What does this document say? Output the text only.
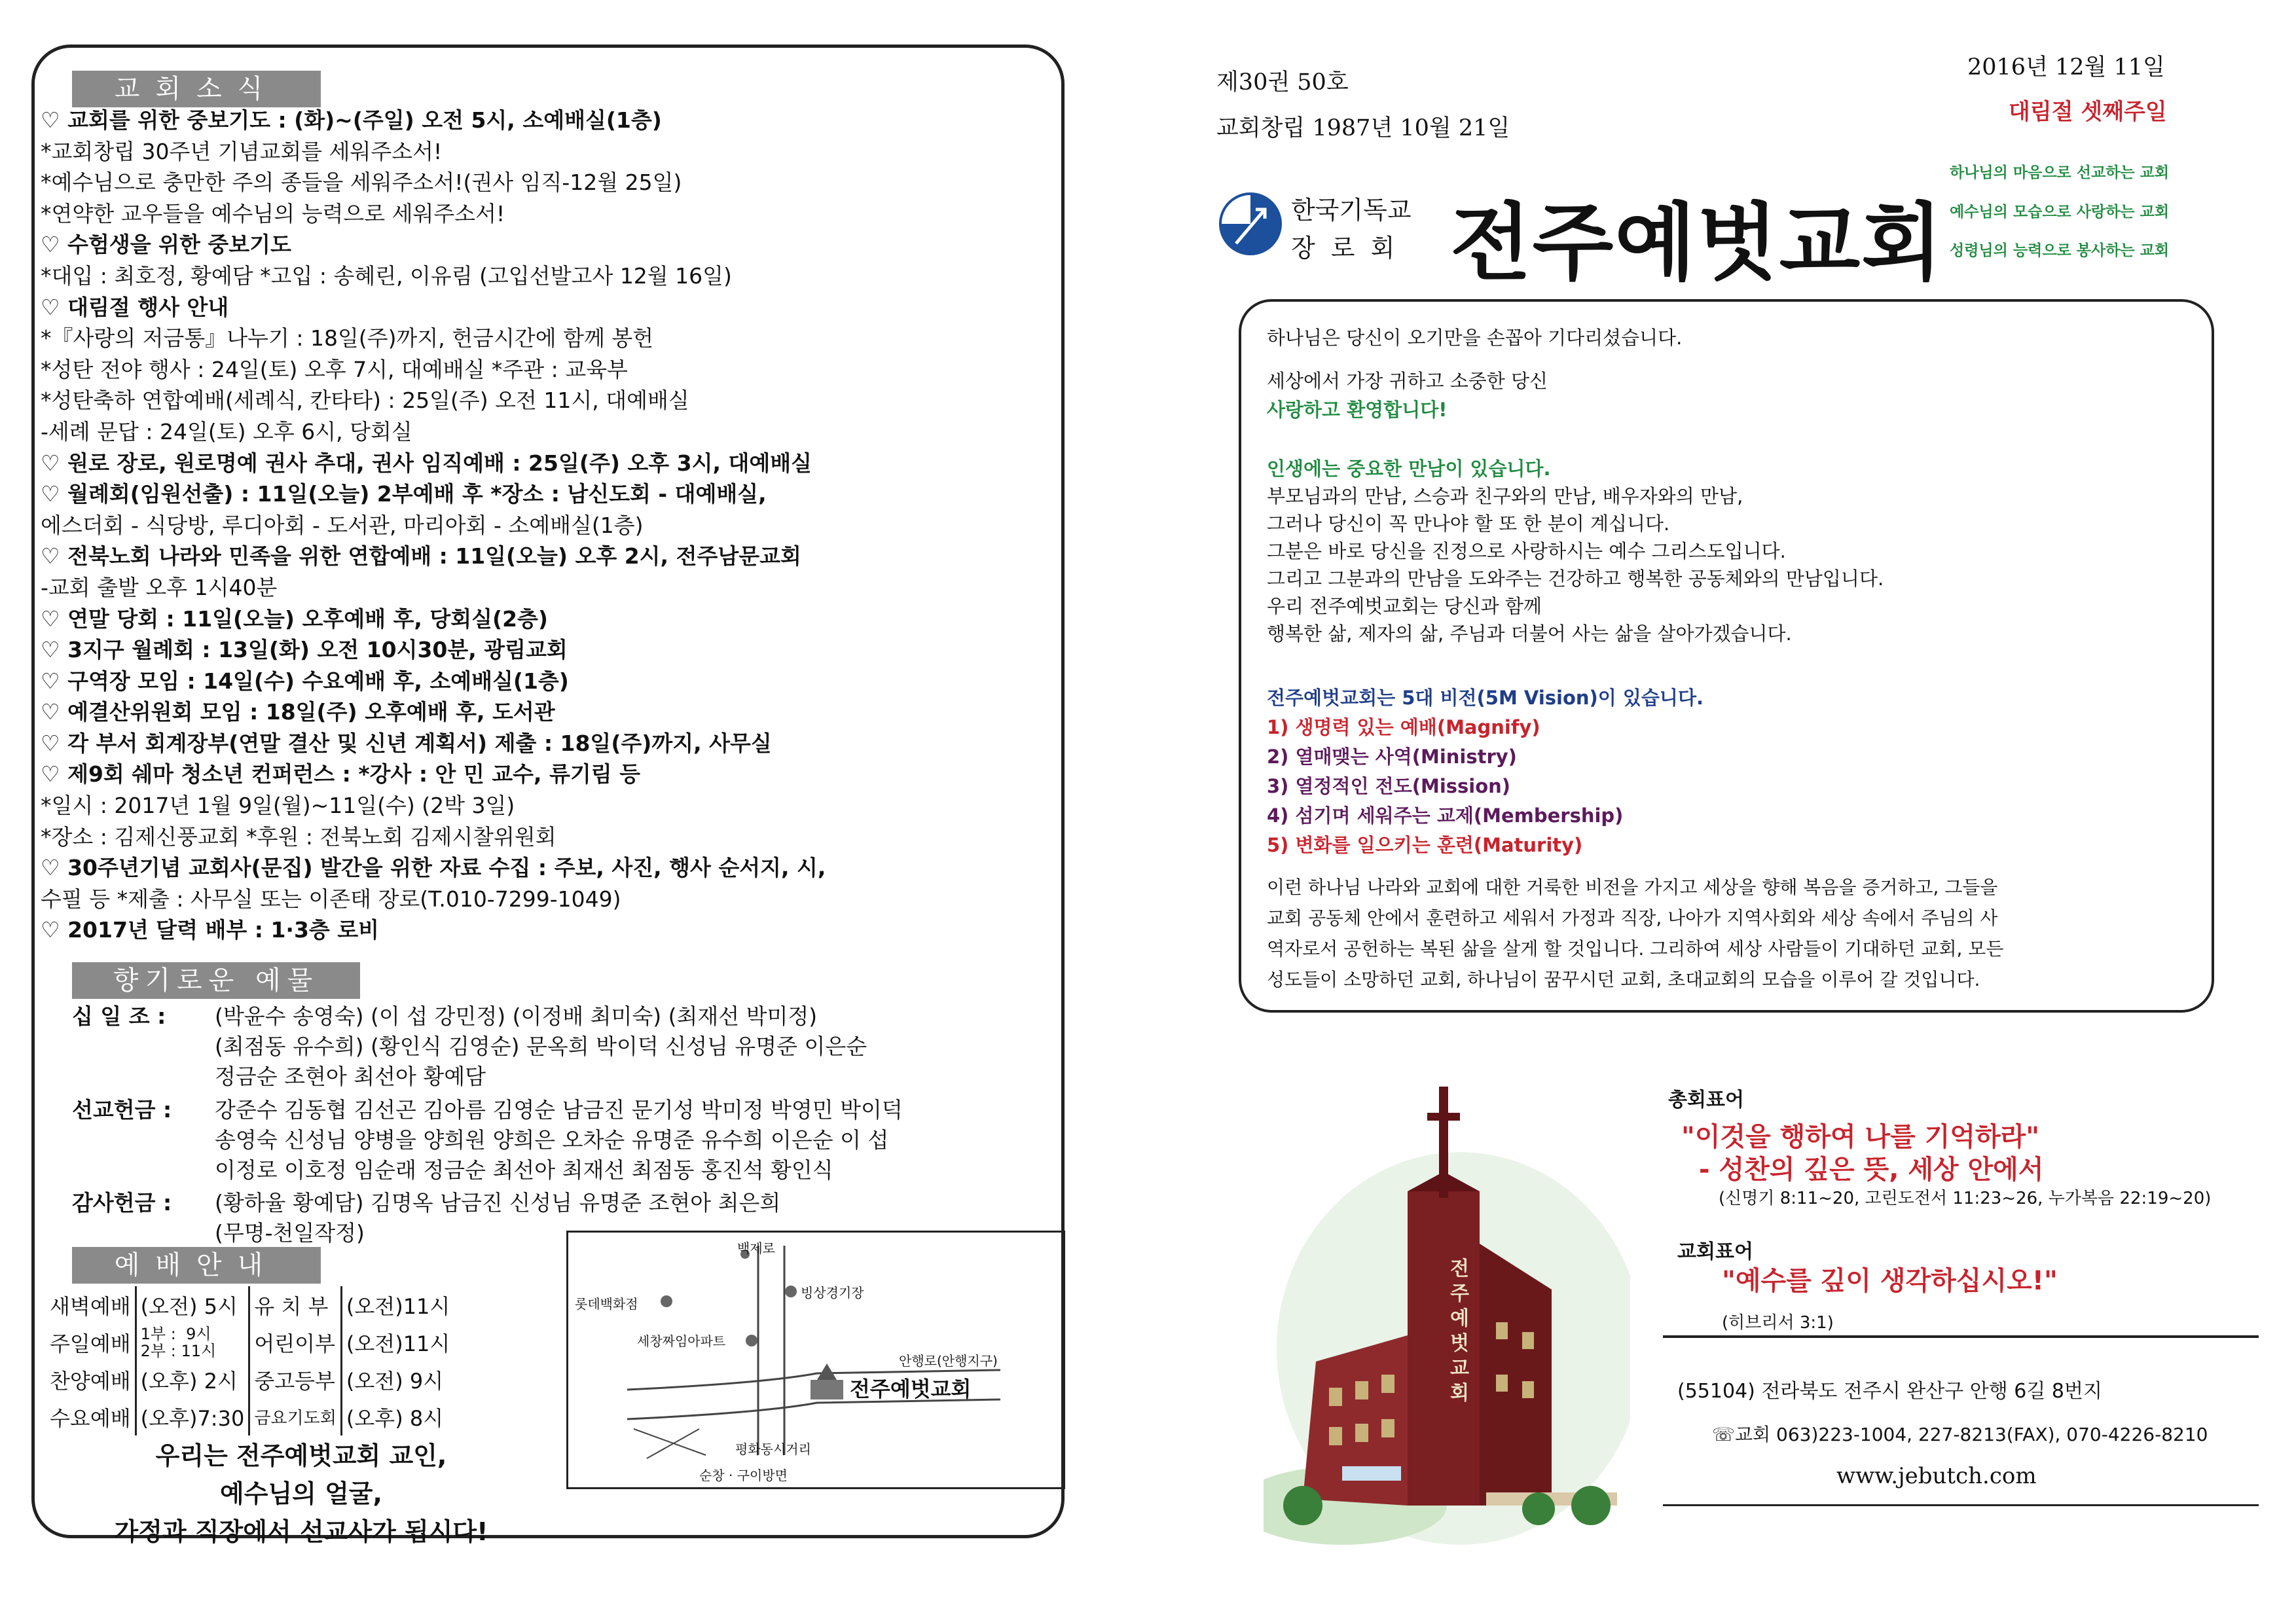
교회소식
♡ 교회를 위한 중보기도 : (화)~(주일) 오전 5시, 소예배실(1층)
*교회창립 30주년 기념교회를 세워주소서!
*예수님으로 충만한 주의 종들을 세워주소서!(권사 임직-12월 25일)
*연약한 교우들을 예수님의 능력으로 세워주소서!
♡ 수험생을 위한 중보기도
*대입 : 최호정, 황예담 *고입 : 송혜린, 이유림 (고입선발고사 12월 16일)
♡ 대림절 행사 안내
*『사랑의 저금통』나누기 : 18일(주)까지, 헌금시간에 함께 봉헌
*성탄 전야 행사 : 24일(토) 오후 7시, 대예배실 *주관 : 교육부
*성탄축하 연합예배(세례식, 칸타타) : 25일(주) 오전 11시, 대예배실
-세례 문답 : 24일(토) 오후 6시, 당회실
♡ 원로 장로, 원로명예 권사 추대, 권사 임직예배 : 25일(주) 오후 3시, 대예배실
♡ 월례회(임원선출) : 11일(오늘) 2부예배 후 *장소 : 남신도회 - 대예배실,
에스더회 - 식당방, 루디아회 - 도서관, 마리아회 - 소예배실(1층)
♡ 전북노회 나라와 민족을 위한 연합예배 : 11일(오늘) 오후 2시, 전주남문교회
-교회 출발 오후 1시40분
♡ 연말 당회 : 11일(오늘) 오후예배 후, 당회실(2층)
♡ 3지구 월례회 : 13일(화) 오전 10시30분, 광림교회
♡ 구역장 모임 : 14일(수) 수요예배 후, 소예배실(1층)
♡ 예결산위원회 모임 : 18일(주) 오후예배 후, 도서관
♡ 각 부서 회계장부(연말 결산 및 신년 계획서) 제출 : 18일(주)까지, 사무실
♡ 제9회 쉐마 청소년 컨퍼런스 : *강사 : 안 민 교수, 류기림 등
*일시 : 2017년 1월 9일(월)~11일(수) (2박 3일)
*장소 : 김제신풍교회 *후원 : 전북노회 김제시찰위원회
♡ 30주년기념 교회사(문집) 발간을 위한 자료 수집 : 주보, 사진, 행사 순서지, 시,
수필 등 *제출 : 사무실 또는 이존태 장로(T.010-7299-1049)
♡ 2017년 달력 배부 : 1·3층 로비
향기로운 예물
십 일 조 : (박윤수 송영숙) (이 섭 강민정) (이정배 최미숙) (최재선 박미정)
(최점동 유수희) (황인식 김영순) 문옥희 박이덕 신성님 유명준 이은순
정금순 조현아 최선아 황예담
선교헌금 : 강준수 김동협 김선곤 김아름 김영순 남금진 문기성 박미정 박영민 박이덕
송영숙 신성님 양병을 양희원 양희은 오차순 유명준 유수희 이은순 이 섭
이정로 이호정 임순래 정금순 최선아 최재선 최점동 홍진석 황인식
감사헌금 : (황하율 황예담) 김명옥 남금진 신성님 유명준 조현아 최은희
(무명-천일작정)
예배안내
새벽예배	(오전) 5시	유 치 부	(오전)11시
주일예배	1부 :  9시
2부 : 11시	어린이부	(오전)11시
찬양예배	(오후) 2시	중고등부	(오전) 9시
수요예배	(오후)7:30	금요기도회	(오후) 8시
백제로
롯데백화점
빙상경기장
세창짜임아파트
안행로(안행지구)
전주예벗교회
평화동시거리
순창 · 구이방면
우리는 전주예벗교회 교인,
예수님의 얼굴,
가정과 직장에서 선교사가 됩시다!
제30권 50호
교회창립 1987년 10월 21일
2016년 12월 11일
대림절 셋째주일
한국기독교
장 로 회 전주예벗교회
하나님의 마음으로 선교하는 교회
예수님의 모습으로 사랑하는 교회
성령님의 능력으로 봉사하는 교회
하나님은 당신이 오기만을 손꼽아 기다리셨습니다.
세상에서 가장 귀하고 소중한 당신
사랑하고 환영합니다!
인생에는 중요한 만남이 있습니다.
부모님과의 만남, 스승과 친구와의 만남, 배우자와의 만남,
그러나 당신이 꼭 만나야 할 또 한 분이 계십니다.
그분은 바로 당신을 진정으로 사랑하시는 예수 그리스도입니다.
그리고 그분과의 만남을 도와주는 건강하고 행복한 공동체와의 만남입니다.
우리 전주예벗교회는 당신과 함께
행복한 삶, 제자의 삶, 주님과 더불어 사는 삶을 살아가겠습니다.
전주예벗교회는 5대 비전(5M Vision)이 있습니다.
1) 생명력 있는 예배(Magnify)
2) 열매맺는 사역(Ministry)
3) 열정적인 전도(Mission)
4) 섬기며 세워주는 교제(Membership)
5) 변화를 일으키는 훈련(Maturity)
이런 하나님 나라와 교회에 대한 거룩한 비전을 가지고 세상을 향해 복음을 증거하고, 그들을
교회 공동체 안에서 훈련하고 세워서 가정과 직장, 나아가 지역사회와 세상 속에서 주님의 사
역자로서 공헌하는 복된 삶을 살게 할 것입니다. 그리하여 세상 사람들이 기대하던 교회, 모든
성도들이 소망하던 교회, 하나님이 꿈꾸시던 교회, 초대교회의 모습을 이루어 갈 것입니다.
전주예벗교회
총회표어
"이것을 행하여 나를 기억하라"
- 성찬의 깊은 뜻, 세상 안에서
(신명기 8:11~20, 고린도전서 11:23~26, 누가복음 22:19~20)
교회표어
"예수를 깊이 생각하십시오!"
(히브리서 3:1)
(55104) 전라북도 전주시 완산구 안행 6길 8번지
☏교회 063)223-1004, 227-8213(FAX), 070-4226-8210
www.jebutch.com
